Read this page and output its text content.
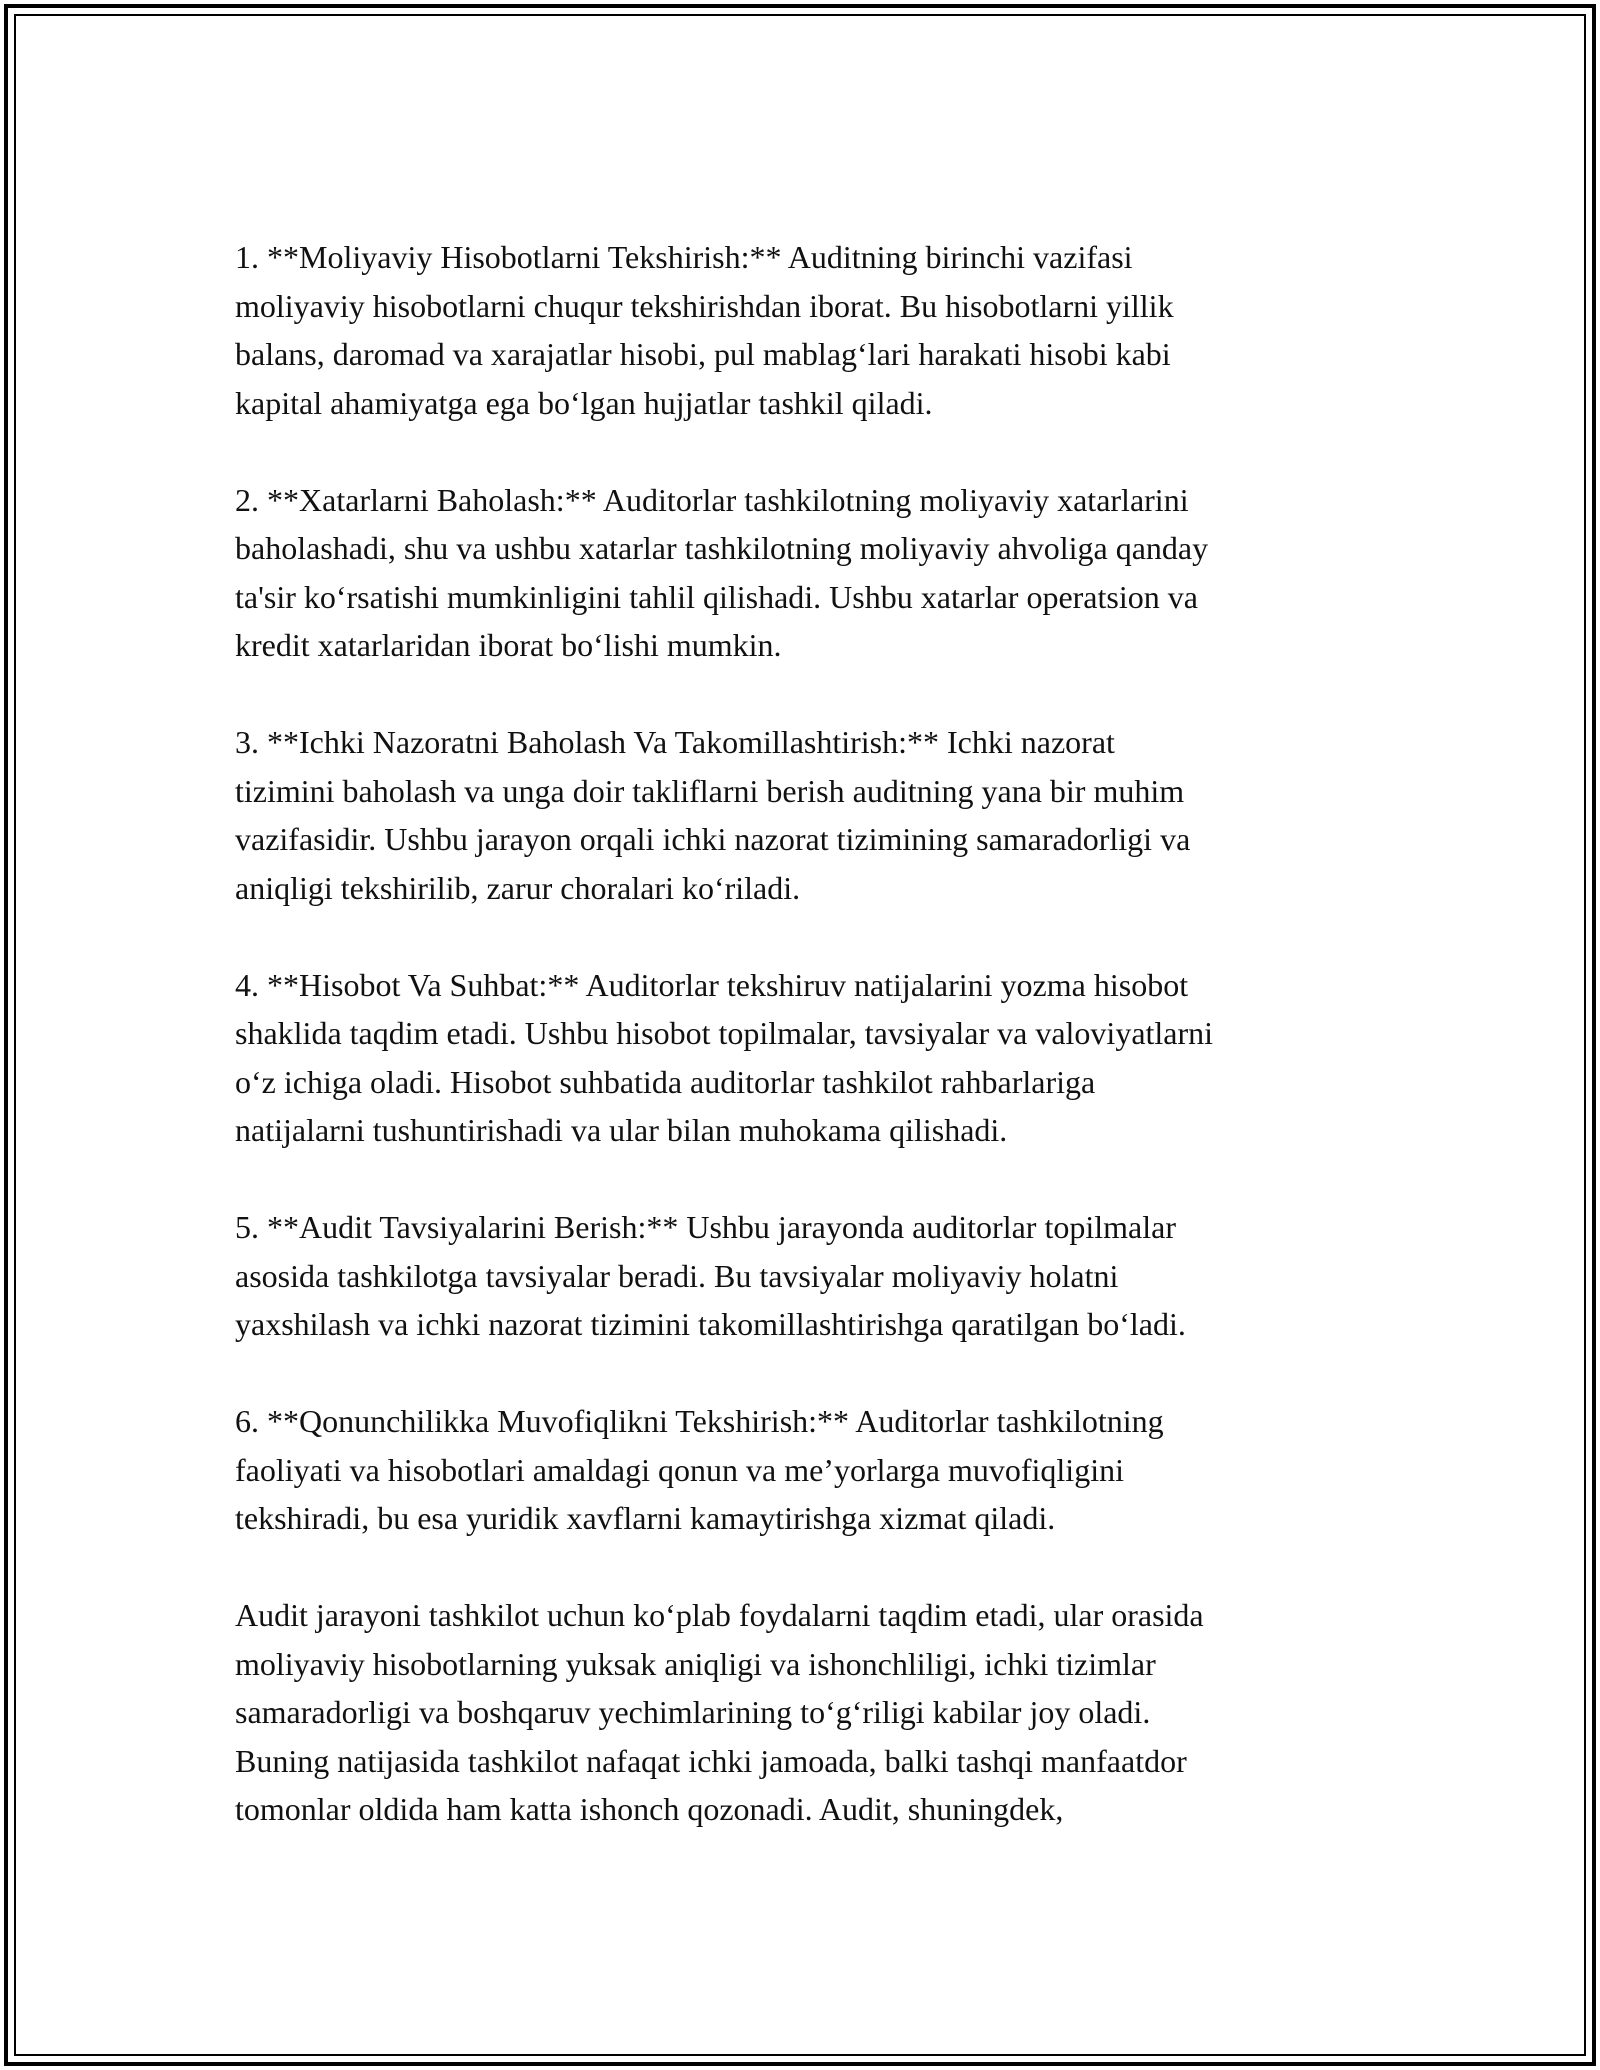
1. **Moliyaviy Hisobotlarni Tekshirish:** Auditning birinchi vazifasi
moliyaviy hisobotlarni chuqur tekshirishdan iborat. Bu hisobotlarni yillik
balans, daromad va xarajatlar hisobi, pul mablag‘lari harakati hisobi kabi
kapital ahamiyatga ega bo‘lgan hujjatlar tashkil qiladi.

2. **Xatarlarni Baholash:** Auditorlar tashkilotning moliyaviy xatarlarini
baholashadi, shu va ushbu xatarlar tashkilotning moliyaviy ahvoliga qanday
ta'sir ko‘rsatishi mumkinligini tahlil qilishadi. Ushbu xatarlar operatsion va
kredit xatarlaridan iborat bo‘lishi mumkin.

3. **Ichki Nazoratni Baholash Va Takomillashtirish:** Ichki nazorat
tizimini baholash va unga doir takliflarni berish auditning yana bir muhim
vazifasidir. Ushbu jarayon orqali ichki nazorat tizimining samaradorligi va
aniqligi tekshirilib, zarur choralari ko‘riladi.

4. **Hisobot Va Suhbat:** Auditorlar tekshiruv natijalarini yozma hisobot
shaklida taqdim etadi. Ushbu hisobot topilmalar, tavsiyalar va valoviyatlarni
o‘z ichiga oladi. Hisobot suhbatida auditorlar tashkilot rahbarlariga
natijalarni tushuntirishadi va ular bilan muhokama qilishadi.

5. **Audit Tavsiyalarini Berish:** Ushbu jarayonda auditorlar topilmalar
asosida tashkilotga tavsiyalar beradi. Bu tavsiyalar moliyaviy holatni
yaxshilash va ichki nazorat tizimini takomillashtirishga qaratilgan bo‘ladi.

6. **Qonunchilikka Muvofiqlikni Tekshirish:** Auditorlar tashkilotning
faoliyati va hisobotlari amaldagi qonun va me’yorlarga muvofiqligini
tekshiradi, bu esa yuridik xavflarni kamaytirishga xizmat qiladi.

Audit jarayoni tashkilot uchun ko‘plab foydalarni taqdim etadi, ular orasida
moliyaviy hisobotlarning yuksak aniqligi va ishonchliligi, ichki tizimlar
samaradorligi va boshqaruv yechimlarining to‘g‘riligi kabilar joy oladi.
Buning natijasida tashkilot nafaqat ichki jamoada, balki tashqi manfaatdor
tomonlar oldida ham katta ishonch qozonadi. Audit, shuningdek,
